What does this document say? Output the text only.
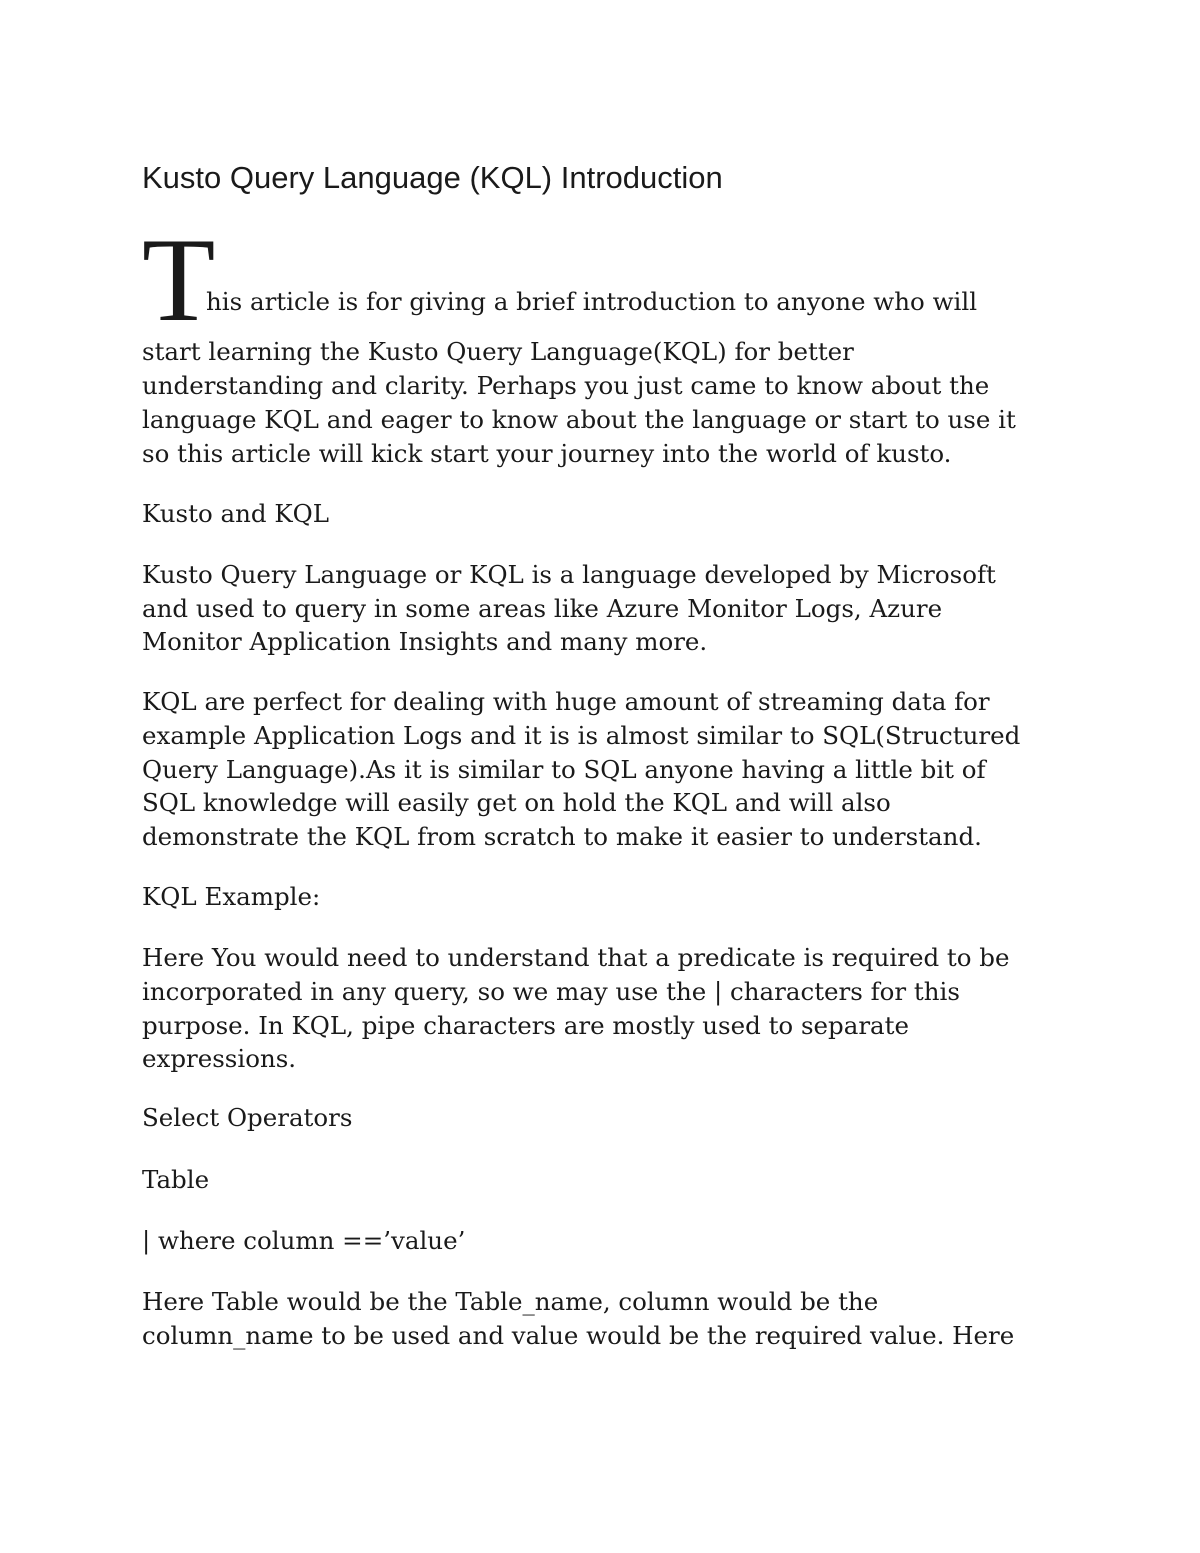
Kusto Query Language (KQL) Introduction
T

his article is for giving a brief introduction to anyone who will

start learning the Kusto Query Language(KQL) for better

understanding and clarity. Perhaps you just came to know about the

language KQL and eager to know about the language or start to use it

so this article will kick start your journey into the world of kusto.

Kusto and KQL

Kusto Query Language or KQL is a language developed by Microsoft

and used to query in some areas like Azure Monitor Logs, Azure

Monitor Application Insights and many more.

KQL are perfect for dealing with huge amount of streaming data for

example Application Logs and it is is almost similar to SQL(Structured

Query Language).As it is similar to SQL anyone having a little bit of

SQL knowledge will easily get on hold the KQL and will also

demonstrate the KQL from scratch to make it easier to understand.

KQL Example:

Here You would need to understand that a predicate is required to be

incorporated in any query, so we may use the | characters for this

purpose. In KQL, pipe characters are mostly used to separate

expressions.

Select Operators

Table

| where column ==’value’

Here Table would be the Table_name, column would be the

column_name to be used and value would be the required value. Here
